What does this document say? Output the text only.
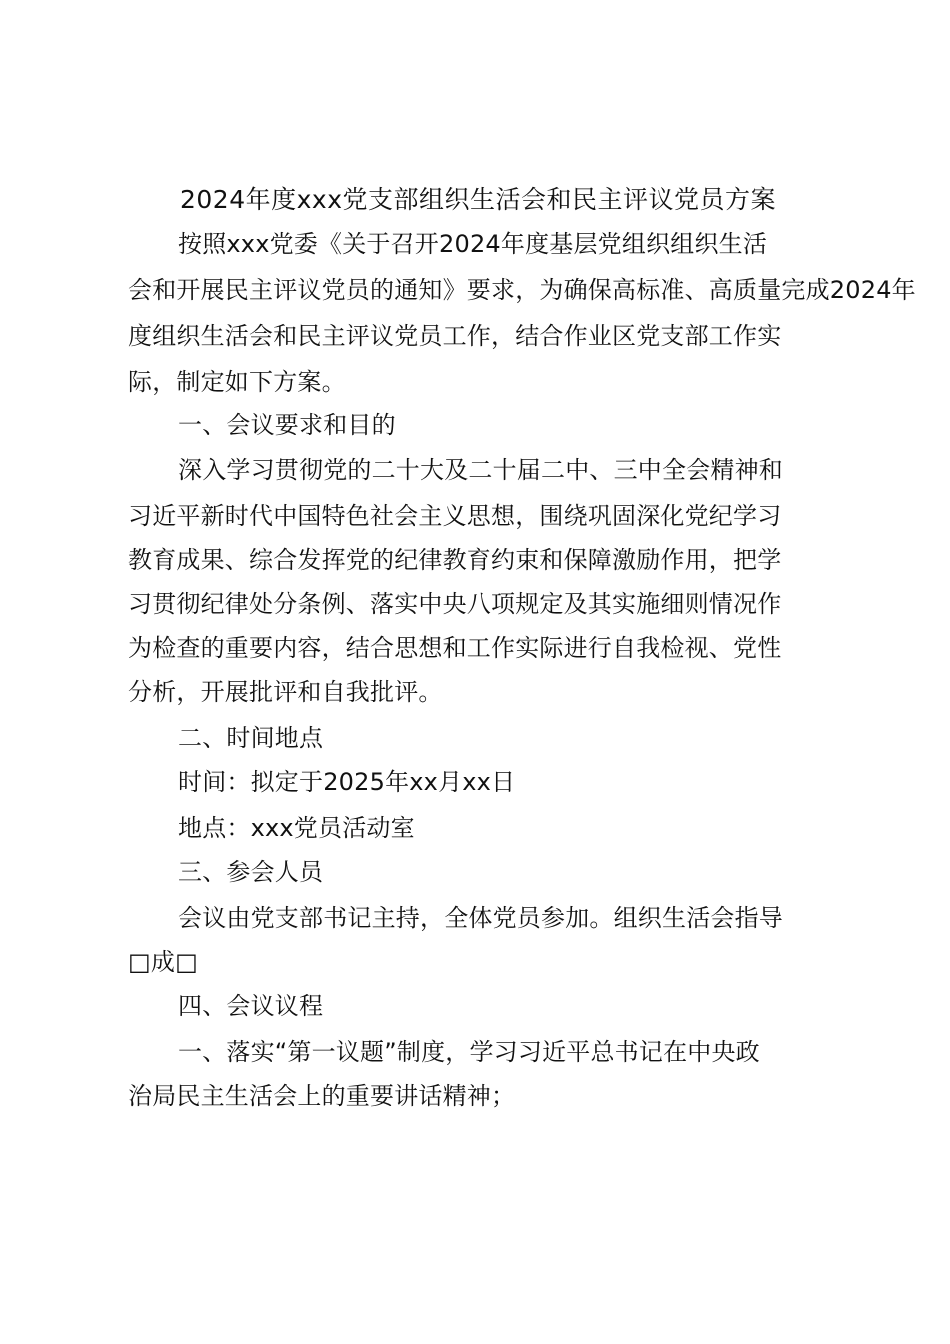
2024年度xxx党支部组织生活会和民主评议党员方案
按照xxx党委《关于召开2024年度基层党组织组织生活
会和开展民主评议党员的通知》要求，为确保高标准、高质量完成2024年
度组织生活会和民主评议党员工作，结合作业区党支部工作实
际，制定如下方案。
一、会议要求和目的
深入学习贯彻党的二十大及二十届二中、三中全会精神和
习近平新时代中国特色社会主义思想，围绕巩固深化党纪学习
教育成果、综合发挥党的纪律教育约束和保障激励作用，把学
习贯彻纪律处分条例、落实中央八项规定及其实施细则情况作
为检查的重要内容，结合思想和工作实际进行自我检视、党性
分析，开展批评和自我批评。
二、时间地点
时间：拟定于2025年xx月xx日
地点：xxx党员活动室
三、参会人员
会议由党支部书记主持，全体党员参加。组织生活会指导
□成□
四、会议议程
一、落实“第一议题”制度，学习习近平总书记在中央政
治局民主生活会上的重要讲话精神；
